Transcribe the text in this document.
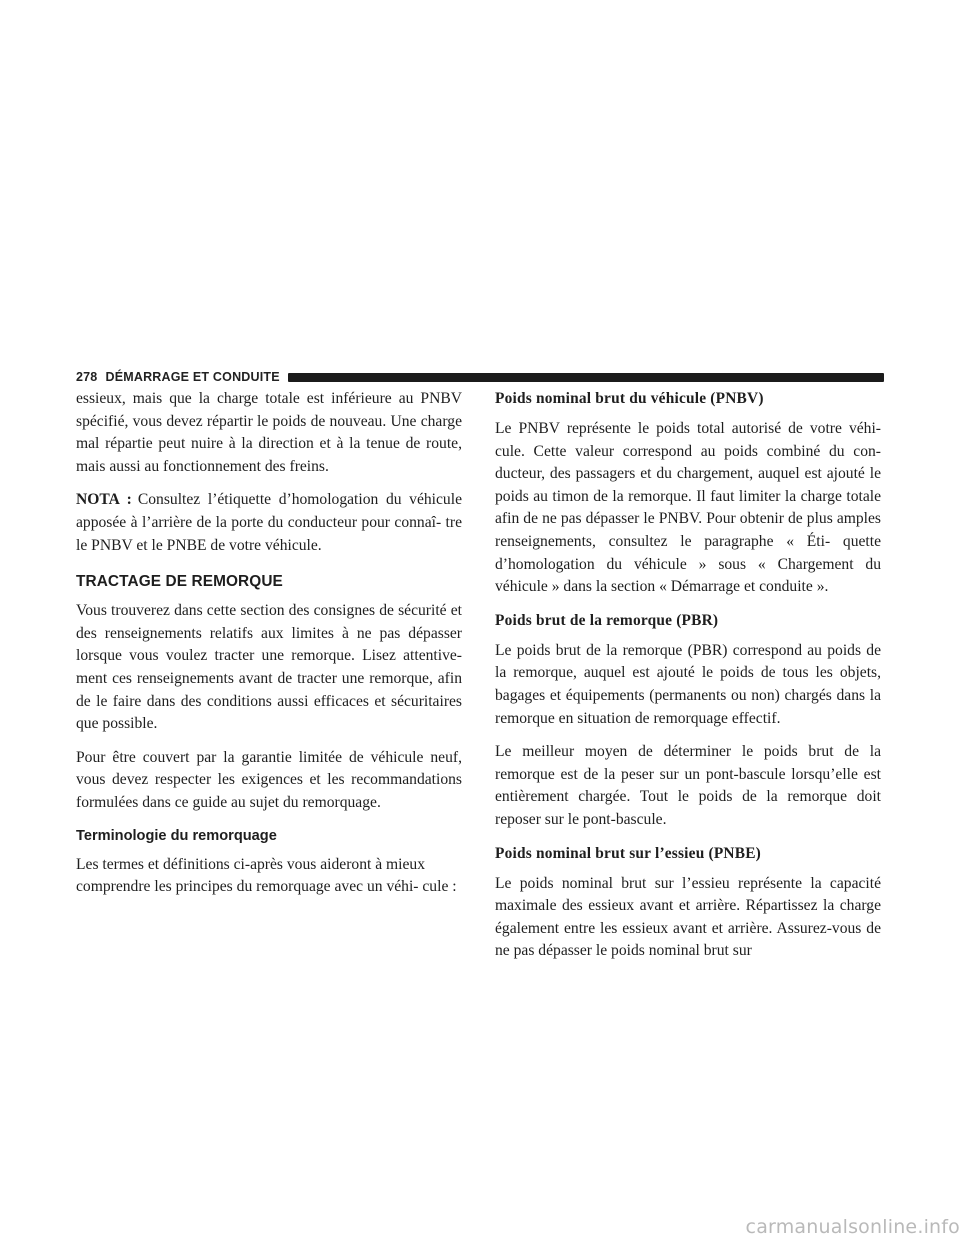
278 DÉMARRAGE ET CONDUITE

essieux, mais que la charge totale est inférieure au PNBV spécifié, vous devez répartir le poids de nouveau. Une charge mal répartie peut nuire à la direction et à la tenue de route, mais aussi au fonctionnement des freins.

NOTA : Consultez l’étiquette d’homologation du véhicule apposée à l’arrière de la porte du conducteur pour connaî- tre le PNBV et le PNBE de votre véhicule.

TRACTAGE DE REMORQUE

Vous trouverez dans cette section des consignes de sécurité et des renseignements relatifs aux limites à ne pas dépasser lorsque vous voulez tracter une remorque. Lisez attentive- ment ces renseignements avant de tracter une remorque, afin de le faire dans des conditions aussi efficaces et sécuritaires que possible.

Pour être couvert par la garantie limitée de véhicule neuf, vous devez respecter les exigences et les recommandations formulées dans ce guide au sujet du remorquage.

Terminologie du remorquage

Les termes et définitions ci-après vous aideront à mieux comprendre les principes du remorquage avec un véhi- cule :

Poids nominal brut du véhicule (PNBV)

Le PNBV représente le poids total autorisé de votre véhi- cule. Cette valeur correspond au poids combiné du con- ducteur, des passagers et du chargement, auquel est ajouté le poids au timon de la remorque. Il faut limiter la charge totale afin de ne pas dépasser le PNBV. Pour obtenir de plus amples renseignements, consultez le paragraphe « Éti- quette d’homologation du véhicule » sous « Chargement du véhicule » dans la section « Démarrage et conduite ».

Poids brut de la remorque (PBR)

Le poids brut de la remorque (PBR) correspond au poids de la remorque, auquel est ajouté le poids de tous les objets, bagages et équipements (permanents ou non) chargés dans la remorque en situation de remorquage effectif.

Le meilleur moyen de déterminer le poids brut de la remorque est de la peser sur un pont-bascule lorsqu’elle est entièrement chargée. Tout le poids de la remorque doit reposer sur le pont-bascule.

Poids nominal brut sur l’essieu (PNBE)

Le poids nominal brut sur l’essieu représente la capacité maximale des essieux avant et arrière. Répartissez la charge également entre les essieux avant et arrière. Assurez-vous de ne pas dépasser le poids nominal brut sur

carmanualsonline.info
